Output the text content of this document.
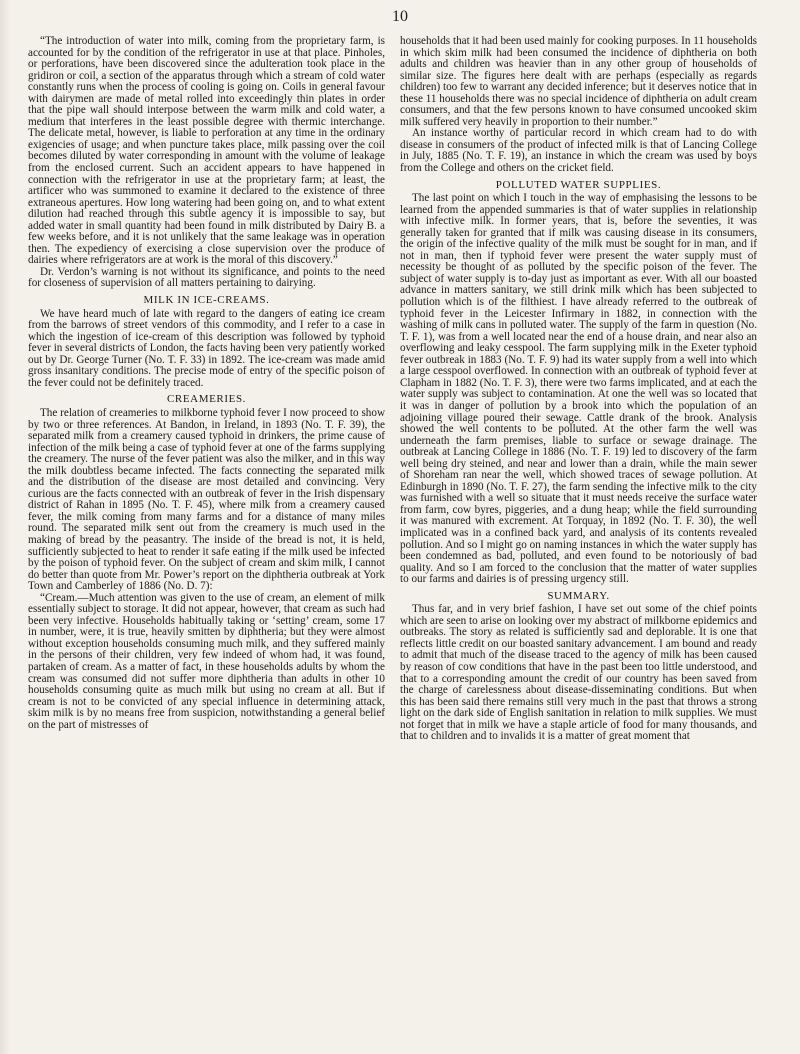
10

“The introduction of water into milk, coming from the proprietary farm, is accounted for by the condition of the refrigerator in use at that place. Pinholes, or perforations, have been discovered since the adulteration took place in the gridiron or coil, a section of the apparatus through which a stream of cold water constantly runs when the process of cooling is going on. Coils in general favour with dairymen are made of metal rolled into exceedingly thin plates in order that the pipe wall should interpose between the warm milk and cold water, a medium that interferes in the least possible degree with thermic interchange. The delicate metal, however, is liable to perforation at any time in the ordinary exigencies of usage; and when puncture takes place, milk passing over the coil becomes diluted by water corresponding in amount with the volume of leakage from the enclosed current. Such an accident appears to have happened in connection with the refrigerator in use at the proprietary farm; at least, the artificer who was summoned to examine it declared to the existence of three extraneous apertures. How long watering had been going on, and to what extent dilution had reached through this subtle agency it is impossible to say, but added water in small quantity had been found in milk distributed by Dairy B. a few weeks before, and it is not unlikely that the same leakage was in operation then. The expediency of exercising a close supervision over the produce of dairies where refrigerators are at work is the moral of this discovery.”

Dr. Verdon’s warning is not without its significance, and points to the need for closeness of supervision of all matters pertaining to dairying.

MILK IN ICE-CREAMS.

We have heard much of late with regard to the dangers of eating ice cream from the barrows of street vendors of this commodity, and I refer to a case in which the ingestion of ice-cream of this description was followed by typhoid fever in several districts of London, the facts having been very patiently worked out by Dr. George Turner (No. T. F. 33) in 1892. The ice-cream was made amid gross insanitary conditions. The precise mode of entry of the specific poison of the fever could not be definitely traced.

CREAMERIES.

The relation of creameries to milkborne typhoid fever I now proceed to show by two or three references. At Bandon, in Ireland, in 1893 (No. T. F. 39), the separated milk from a creamery caused typhoid in drinkers, the prime cause of infection of the milk being a case of typhoid fever at one of the farms supplying the creamery. The nurse of the fever patient was also the milker, and in this way the milk doubtless became infected. The facts connecting the separated milk and the distribution of the disease are most detailed and convincing. Very curious are the facts connected with an outbreak of fever in the Irish dispensary district of Rahan in 1895 (No. T. F. 45), where milk from a creamery caused fever, the milk coming from many farms and for a distance of many miles round. The separated milk sent out from the creamery is much used in the making of bread by the peasantry. The inside of the bread is not, it is held, sufficiently subjected to heat to render it safe eating if the milk used be infected by the poison of typhoid fever. On the subject of cream and skim milk, I cannot do better than quote from Mr. Power’s report on the diphtheria outbreak at York Town and Camberley of 1886 (No. D. 7):

“Cream.—Much attention was given to the use of cream, an element of milk essentially subject to storage. It did not appear, however, that cream as such had been very infective. Households habitually taking or ‘setting’ cream, some 17 in number, were, it is true, heavily smitten by diphtheria; but they were almost without exception households consuming much milk, and they suffered mainly in the persons of their children, very few indeed of whom had, it was found, partaken of cream. As a matter of fact, in these households adults by whom the cream was consumed did not suffer more diphtheria than adults in other 10 households consuming quite as much milk but using no cream at all. But if cream is not to be convicted of any special influence in determining attack, skim milk is by no means free from suspicion, notwithstanding a general belief on the part of mistresses of

households that it had been used mainly for cooking purposes. In 11 households in which skim milk had been consumed the incidence of diphtheria on both adults and children was heavier than in any other group of households of similar size. The figures here dealt with are perhaps (especially as regards children) too few to warrant any decided inference; but it deserves notice that in these 11 households there was no special incidence of diphtheria on adult cream consumers, and that the few persons known to have consumed uncooked skim milk suffered very heavily in proportion to their number.”

An instance worthy of particular record in which cream had to do with disease in consumers of the product of infected milk is that of Lancing College in July, 1885 (No. T. F. 19), an instance in which the cream was used by boys from the College and others on the cricket field.

POLLUTED WATER SUPPLIES.

The last point on which I touch in the way of emphasising the lessons to be learned from the appended summaries is that of water supplies in relationship with infective milk. In former years, that is, before the seventies, it was generally taken for granted that if milk was causing disease in its consumers, the origin of the infective quality of the milk must be sought for in man, and if not in man, then if typhoid fever were present the water supply must of necessity be thought of as polluted by the specific poison of the fever. The subject of water supply is to-day just as important as ever. With all our boasted advance in matters sanitary, we still drink milk which has been subjected to pollution which is of the filthiest. I have already referred to the outbreak of typhoid fever in the Leicester Infirmary in 1882, in connection with the washing of milk cans in polluted water. The supply of the farm in question (No. T. F. 1), was from a well located near the end of a house drain, and near also an overflowing and leaky cesspool. The farm supplying milk in the Exeter typhoid fever outbreak in 1883 (No. T. F. 9) had its water supply from a well into which a large cesspool overflowed. In connection with an outbreak of typhoid fever at Clapham in 1882 (No. T. F. 3), there were two farms implicated, and at each the water supply was subject to contamination. At one the well was so located that it was in danger of pollution by a brook into which the population of an adjoining village poured their sewage. Cattle drank of the brook. Analysis showed the well contents to be polluted. At the other farm the well was underneath the farm premises, liable to surface or sewage drainage. The outbreak at Lancing College in 1886 (No. T. F. 19) led to discovery of the farm well being dry steined, and near and lower than a drain, while the main sewer of Shoreham ran near the well, which showed traces of sewage pollution. At Edinburgh in 1890 (No. T. F. 27), the farm sending the infective milk to the city was furnished with a well so situate that it must needs receive the surface water from farm, cow byres, piggeries, and a dung heap; while the field surrounding it was manured with excrement. At Torquay, in 1892 (No. T. F. 30), the well implicated was in a confined back yard, and analysis of its contents revealed pollution. And so I might go on naming instances in which the water supply has been condemned as bad, polluted, and even found to be notoriously of bad quality. And so I am forced to the conclusion that the matter of water supplies to our farms and dairies is of pressing urgency still.

SUMMARY.

Thus far, and in very brief fashion, I have set out some of the chief points which are seen to arise on looking over my abstract of milkborne epidemics and outbreaks. The story as related is sufficiently sad and deplorable. It is one that reflects little credit on our boasted sanitary advancement. I am bound and ready to admit that much of the disease traced to the agency of milk has been caused by reason of cow conditions that have in the past been too little understood, and that to a corresponding amount the credit of our country has been saved from the charge of carelessness about disease-disseminating conditions. But when this has been said there remains still very much in the past that throws a strong light on the dark side of English sanitation in relation to milk supplies. We must not forget that in milk we have a staple article of food for many thousands, and that to children and to invalids it is a matter of great moment that
